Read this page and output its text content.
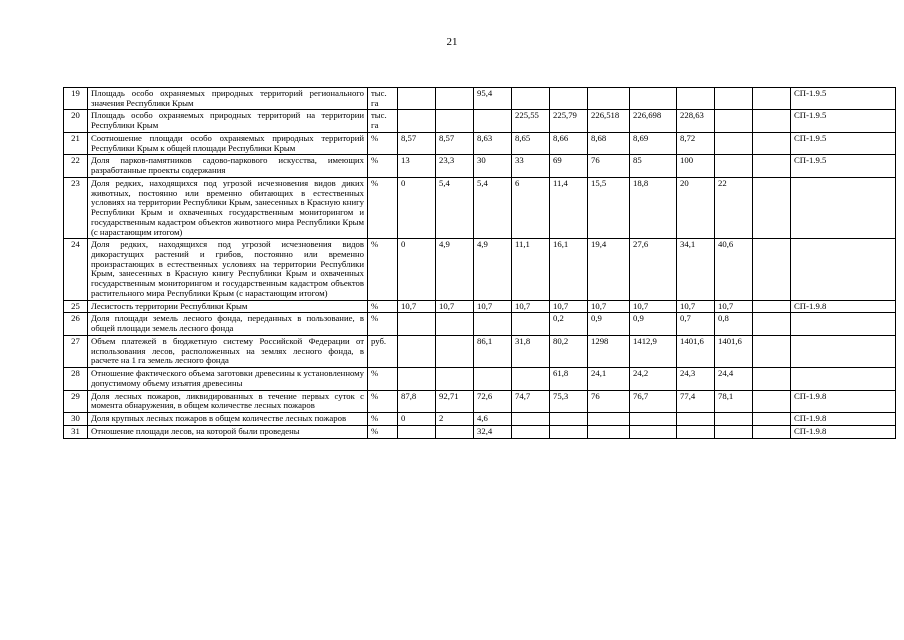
21
19	Площадь особо охраняемых природных территорий регионального значения Республики Крым	тыс. га			95,4								СП-1.9.5
20	Площадь особо охраняемых природных территорий на территории Республики Крым	тыс. га				225,55	225,79	226,518	226,698	228,63			СП-1.9.5
21	Соотношение площади особо охраняемых природных территорий Республики Крым к общей площади Республики Крым	%	8,57	8,57	8,63	8,65	8,66	8,68	8,69	8,72			СП-1.9.5
22	Доля парков-памятников садово-паркового искусства, имеющих разработанные проекты содержания	%	13	23,3	30	33	69	76	85	100			СП-1.9.5
23	Доля редких, находящихся под угрозой исчезновения видов диких животных, постоянно или временно обитающих в естественных условиях на территории Республики Крым, занесенных в Красную книгу Республики Крым и охваченных государственным мониторингом и государственным кадастром объектов животного мира Республики Крым (с нарастающим итогом)	%	0	5,4	5,4	6	11,4	15,5	18,8	20	22		
24	Доля редких, находящихся под угрозой исчезновения видов дикорастущих растений и грибов, постоянно или временно произрастающих в естественных условиях на территории Республики Крым, занесенных в Красную книгу Республики Крым и охваченных государственным мониторингом и государственным кадастром объектов растительного мира Республики Крым (с нарастающим итогом)	%	0	4,9	4,9	11,1	16,1	19,4	27,6	34,1	40,6		
25	Лесистость территории Республики Крым	%	10,7	10,7	10,7	10,7	10,7	10,7	10,7	10,7	10,7		СП-1.9.8
26	Доля площади земель лесного фонда, переданных в пользование, в общей площади земель лесного фонда	%					0,2	0,9	0,9	0,7	0,8		
27	Объем платежей в бюджетную систему Российской Федерации от использования лесов, расположенных на землях лесного фонда, в расчете на 1 га земель лесного фонда	руб.			86,1	31,8	80,2	1298	1412,9	1401,6	1401,6		
28	Отношение фактического объема заготовки древесины к установленному допустимому объему изъятия древесины	%					61,8	24,1	24,2	24,3	24,4		
29	Доля лесных пожаров, ликвидированных в течение первых суток с момента обнаружения, в общем количестве лесных пожаров	%	87,8	92,71	72,6	74,7	75,3	76	76,7	77,4	78,1		СП-1.9.8
30	Доля крупных лесных пожаров в общем количестве лесных пожаров	%	0	2	4,6								СП-1.9.8
31	Отношение площади лесов, на которой были проведены	%			32,4								СП-1.9.8
